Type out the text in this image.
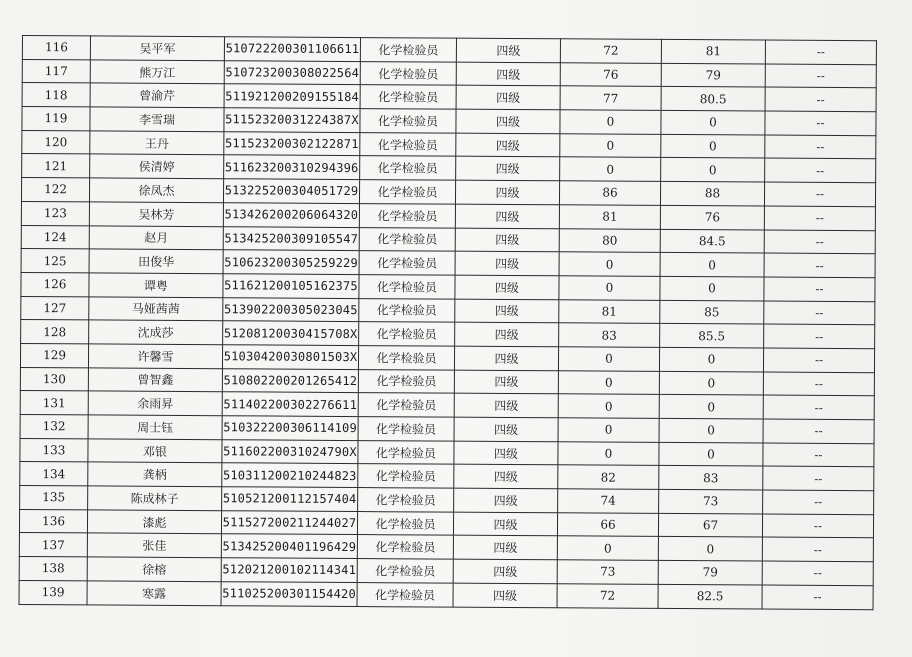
116	吴平军	510722200301106611	化学检验员	四级	72	81	--
117	熊万江	510723200308022564	化学检验员	四级	76	79	--
118	曾渝芹	511921200209155184	化学检验员	四级	77	80.5	--
119	李雪瑞	51152320031224387X	化学检验员	四级	0	0	--
120	王丹	511523200302122871	化学检验员	四级	0	0	--
121	侯清婷	511623200310294396	化学检验员	四级	0	0	--
122	徐凤杰	513225200304051729	化学检验员	四级	86	88	--
123	吴林芳	513426200206064320	化学检验员	四级	81	76	--
124	赵月	513425200309105547	化学检验员	四级	80	84.5	--
125	田俊华	510623200305259229	化学检验员	四级	0	0	--
126	谭粤	511621200105162375	化学检验员	四级	0	0	--
127	马娅茜茜	513902200305023045	化学检验员	四级	81	85	--
128	沈成莎	51208120030415708X	化学检验员	四级	83	85.5	--
129	许馨雪	51030420030801503X	化学检验员	四级	0	0	--
130	曾智鑫	510802200201265412	化学检验员	四级	0	0	--
131	余雨昇	511402200302276611	化学检验员	四级	0	0	--
132	周士钰	510322200306114109	化学检验员	四级	0	0	--
133	邓银	51160220031024790X	化学检验员	四级	0	0	--
134	龚柄	510311200210244823	化学检验员	四级	82	83	--
135	陈成林子	510521200112157404	化学检验员	四级	74	73	--
136	漆彪	511527200211244027	化学检验员	四级	66	67	--
137	张佳	513425200401196429	化学检验员	四级	0	0	--
138	徐榕	512021200102114341	化学检验员	四级	73	79	--
139	寒露	511025200301154420	化学检验员	四级	72	82.5	--
